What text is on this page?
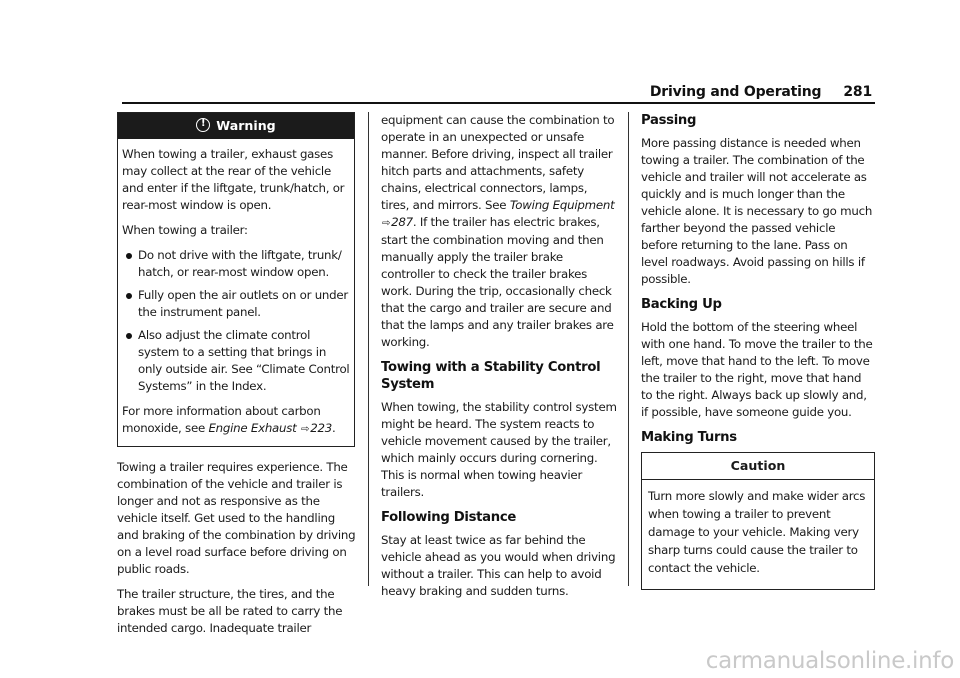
Driving and Operating 281
!Warning

When towing a trailer, exhaust gases may collect at the rear of the vehicle and enter if the liftgate, trunk/hatch, or rear-most window is open.

When towing a trailer:

Do not drive with the liftgate, trunk/ hatch, or rear-most window open.
Fully open the air outlets on or under the instrument panel.
Also adjust the climate control system to a setting that brings in only outside air. See “Climate Control Systems” in the Index.

For more information about carbon monoxide, see Engine Exhaust ⇨223.

Towing a trailer requires experience. The combination of the vehicle and trailer is longer and not as responsive as the vehicle itself. Get used to the handling and braking of the combination by driving on a level road surface before driving on public roads.

The trailer structure, the tires, and the brakes must be all be rated to carry the intended cargo. Inadequate trailer

equipment can cause the combination to operate in an unexpected or unsafe manner. Before driving, inspect all trailer hitch parts and attachments, safety chains, electrical connectors, lamps, tires, and mirrors. See Towing Equipment ⇨287. If the trailer has electric brakes, start the combination moving and then manually apply the trailer brake controller to check the trailer brakes work. During the trip, occasionally check that the cargo and trailer are secure and that the lamps and any trailer brakes are working.

Towing with a Stability Control System

When towing, the stability control system might be heard. The system reacts to vehicle movement caused by the trailer, which mainly occurs during cornering. This is normal when towing heavier trailers.

Following Distance

Stay at least twice as far behind the vehicle ahead as you would when driving without a trailer. This can help to avoid heavy braking and sudden turns.

Passing

More passing distance is needed when towing a trailer. The combination of the vehicle and trailer will not accelerate as quickly and is much longer than the vehicle alone. It is necessary to go much farther beyond the passed vehicle before returning to the lane. Pass on level roadways. Avoid passing on hills if possible.

Backing Up

Hold the bottom of the steering wheel with one hand. To move the trailer to the left, move that hand to the left. To move the trailer to the right, move that hand to the right. Always back up slowly and, if possible, have someone guide you.

Making Turns
Caution

Turn more slowly and make wider arcs when towing a trailer to prevent damage to your vehicle. Making very sharp turns could cause the trailer to contact the vehicle.

carmanualsonline.info
